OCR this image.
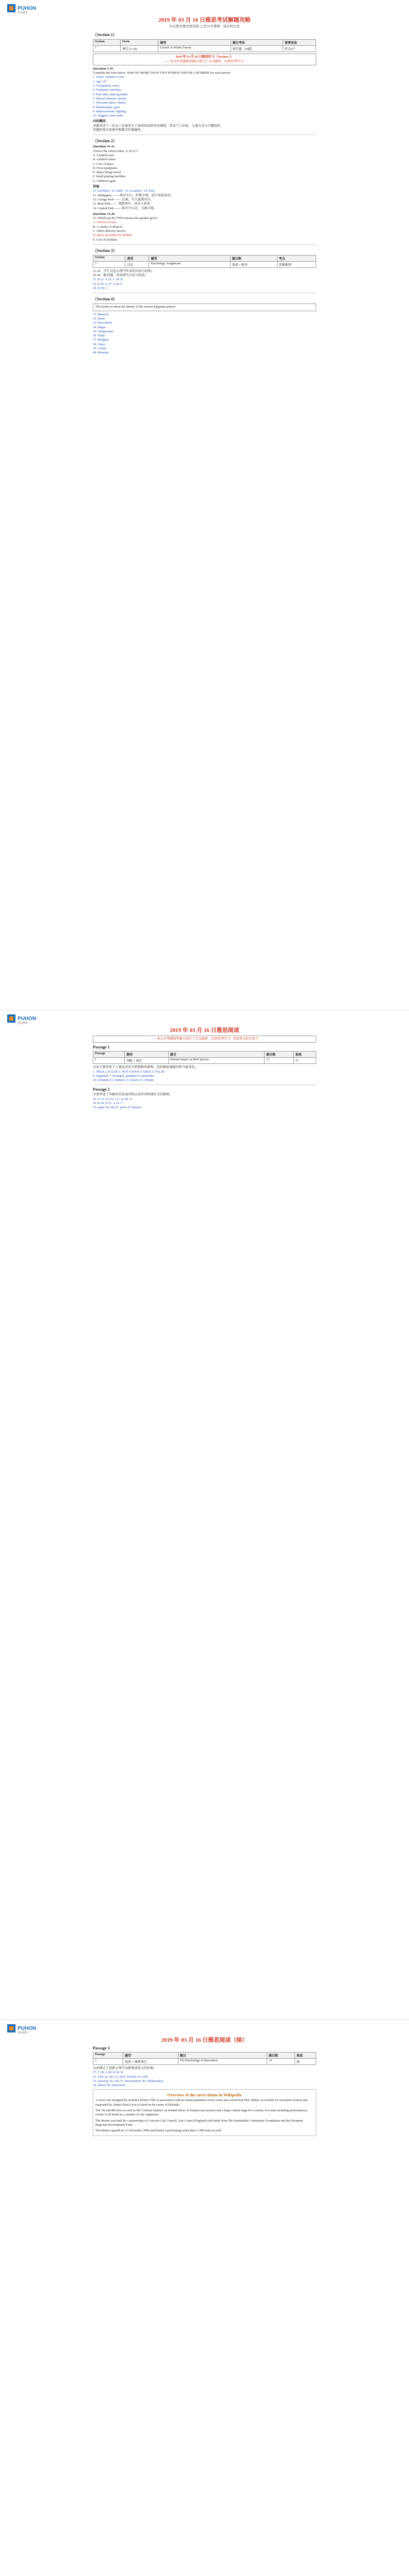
PUHON
朴弘教育
2019 年 03 月 16 日雅思考试解题攻略

朴弘教育雅思研究院 已有70名教师 · 请注明出处

（Section 1）
Section	Form	题型	题目考法	重要信息
1	填空 (1-10)	Leisure Activities Survey	填空题（10题）	重点4个

2019 年 03 月 16 日雅思听力（Section 1）

——本文对考题版型题目进行了全文解析，仅供参考学习 ·

Questions 1-10

Complete the form below. Write NO MORE THAN TWO WORDS AND/OR A NUMBER for each answer.

1. Name: Jennifer Lewis

2. Age: 29

3. Occupation: nurse

4. Transport: train/bus

5. Free time: playing tennis

6. Special interest: cinema

7. Favourite place: library

8. Membership: gold

9. Improvements: lighting

10. Suggest: more seats

内容概括：

本题讲述了一位女士在接受关于休闲活动的问卷调查，涉及个人信息、交通方式与兴趣爱好。

答题时需注意拼写和数字的准确性。

（Section 2）

Questions 11-14

Choose the correct letter, A, B or C.

A. Limited seats

B. Limited colour

C. Low of space

D. Poor equipment

E. Space being crowd

F. Small playing facilities

G. Unknown gym

答案：

11. Facilities / 12. Staff / 13. Location / 14. Price

11. Wellington —— 体育中心，价格合理，适合家庭活动。

12. Grange Park —— 公园，有儿童游乐区。

13. Boat Park —— 划船项目，周末人较多。

14. Central Park —— 离市中心近，交通方便。

Questions 15-20

15. Which are the TWO reasons the speaker gives?

A. Volume of trees

B. A variety of shop-in

C. Offers delivery service

D. Space provided for children

E. Cost of facilities

（Section 3）
Section	类型	题型	题目数	考点
3	讨论	Psychology Assignment	选择 + 配对	逻辑推理

21-24：学生讨论心理学作业的内容与结构。

25-30：配对题，涉及研究方法与结论。

21. B 22. A 23. C 24. B

25. E 26. G 27. A 28. F

29. D 30. C

（Section 4）

The lecture is about the history of the ancient Egyptian pottery.

31. Material

32. Stone

33. Decoration

34. Shape

35. Temperature

36. Trade

37. Religion

38. Glaze

39. Colour

40. Museum

PUHON
朴弘教育
2019 年 03 月 16 日雅思阅读

——本文对考题版型题目进行了全文解析，仅供参考学习 · 重要考点标注如下

Passage 1
Passage	题型	题目	题目数	难度
1	判断 + 填空	Human Impact on Bird Species	13	中

文章主要讲述了人类活动对鸟类物种的影响，包括栖息地破坏和气候变化。

1. TRUE 2. FALSE 3. NOT GIVEN 4. TRUE 5. FALSE

6. migration 7. nesting 8. predators 9. pesticides

10. wetlands 11. feathers 12. insects 13. climate

Passage 2

文章讲述了印刷术的发展历程以及其对欧洲社会的影响。

14. iv 15. vii 16. i 17. iii 18. vi

19. B 20. D 21. A 22. C

23. paper 24. ink 25. press 26. literacy

PUHON
朴弘教育
2019 年 03 月 16 日雅思阅读（续）
Passage 3
Passage	题型	题目	题目数	难度
3	选择 + 摘要填空	The Psychology of Innovation	14	难

文章探讨了创新心理学及影响创造力的因素。

27. C 28. A 29. D 30. B

31. YES 32. NO 33. NOT GIVEN 34. YES

35. curiosity 36. risk 37. environment 38. collaboration

39. failure 40. motivation

Overview of the curve theme in Wikipedia

A curve was designed by architect Robert Villa in association with an urban population sector scene and a historical Plan, Rabat. Accessible for recreation visitors and supported by Adams Kane Lyon is based in the centre of Helsinki.

The 7th and 8th floor as well as the 'Cultural Quarter' on Rashid Street. It features sun terraces and a large central stage for a variety of events including performances, events of all kinds by a number of city organisers.

The theatre was built by a partnership of Lowcorn City Council, Arts Council England with funds from The Sustainable Community Foundation and the European Regional Development Fund.

The theatre opened on 21 November 2008 and hosted a performing arena that's 1,000 seats in total.
